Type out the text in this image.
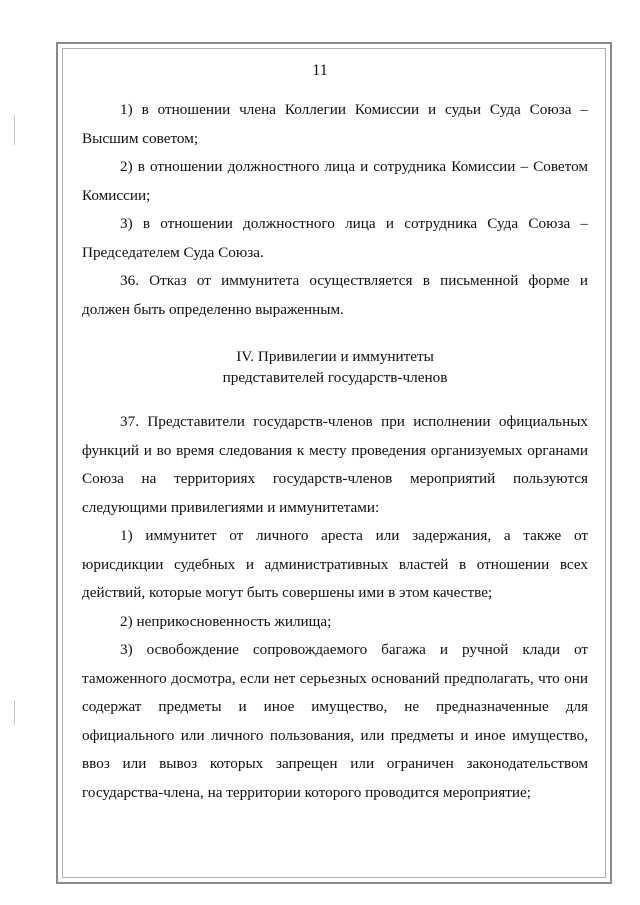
11

1) в отношении члена Коллегии Комиссии и судьи Суда Союза – Высшим советом;

2) в отношении должностного лица и сотрудника Комиссии – Советом Комиссии;

3) в отношении должностного лица и сотрудника Суда Союза – Председателем Суда Союза.

36. Отказ от иммунитета осуществляется в письменной форме и должен быть определенно выраженным.

IV. Привилегии и иммунитеты

представителей государств-членов

37. Представители государств-членов при исполнении официальных функций и во время следования к месту проведения организуемых органами Союза на территориях государств-членов мероприятий пользуются следующими привилегиями и иммунитетами:

1) иммунитет от личного ареста или задержания, а также от юрисдикции судебных и административных властей в отношении всех действий, которые могут быть совершены ими в этом качестве;

2) неприкосновенность жилища;

3) освобождение сопровождаемого багажа и ручной клади от таможенного досмотра, если нет серьезных оснований предполагать, что они содержат предметы и иное имущество, не предназначенные для официального или личного пользования, или предметы и иное имущество, ввоз или вывоз которых запрещен или ограничен законодательством государства-члена, на территории которого проводится мероприятие;
